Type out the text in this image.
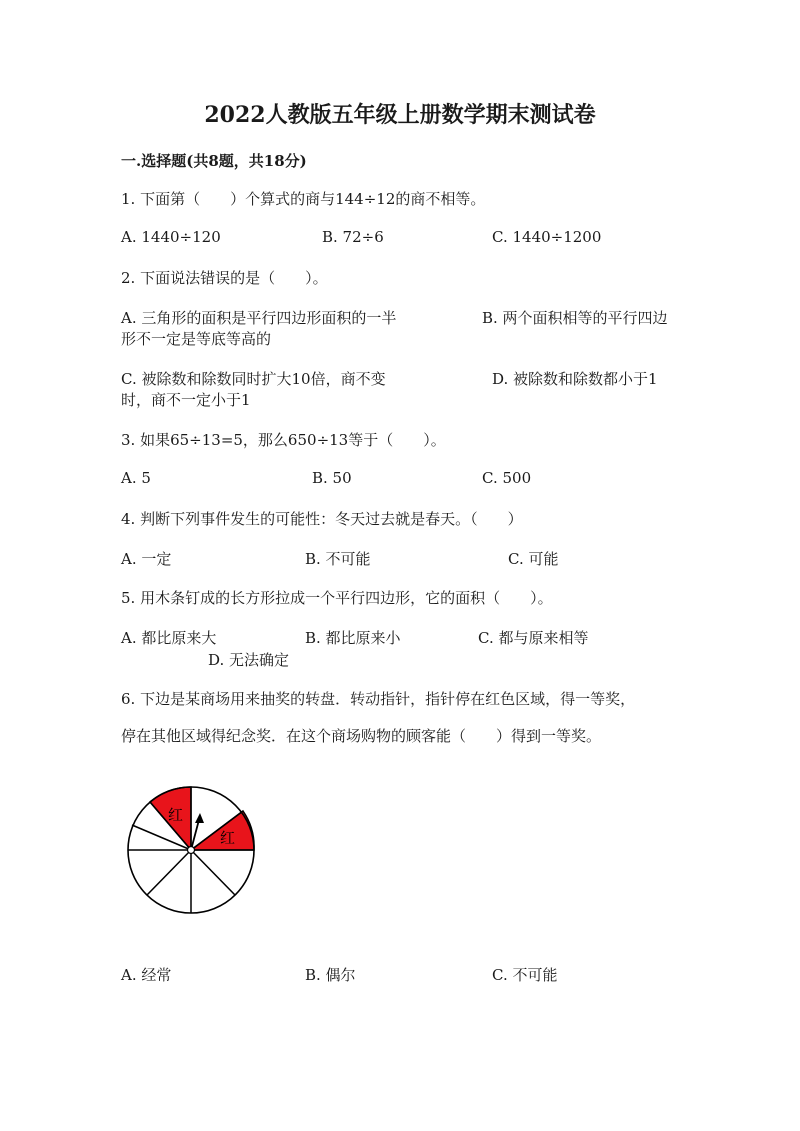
2022人教版五年级上册数学期末测试卷
一.选择题(共8题，共18分)
1. 下面第（　　）个算式的商与144÷12的商不相等。
A. 1440÷120	B. 72÷6	C. 1440÷1200
2. 下面说法错误的是（　　）。
A. 三角形的面积是平行四边形面积的一半	B. 两个面积相等的平行四边
形不一定是等底等高的
C. 被除数和除数同时扩大10倍，商不变	D. 被除数和除数都小于1
时，商不一定小于1
3. 如果65÷13=5，那么650÷13等于（　　）。
A. 5	B. 50	C. 500
4. 判断下列事件发生的可能性：冬天过去就是春天。（　　）
A. 一定	B. 不可能	C. 可能
5. 用木条钉成的长方形拉成一个平行四边形，它的面积（　　）。
A. 都比原来大	B. 都比原来小	C. 都与原来相等
D. 无法确定
6. 下边是某商场用来抽奖的转盘．转动指针，指针停在红色区域，得一等奖，
停在其他区域得纪念奖．在这个商场购物的顾客能（　　）得到一等奖。
红
红
A. 经常	B. 偶尔	C. 不可能
